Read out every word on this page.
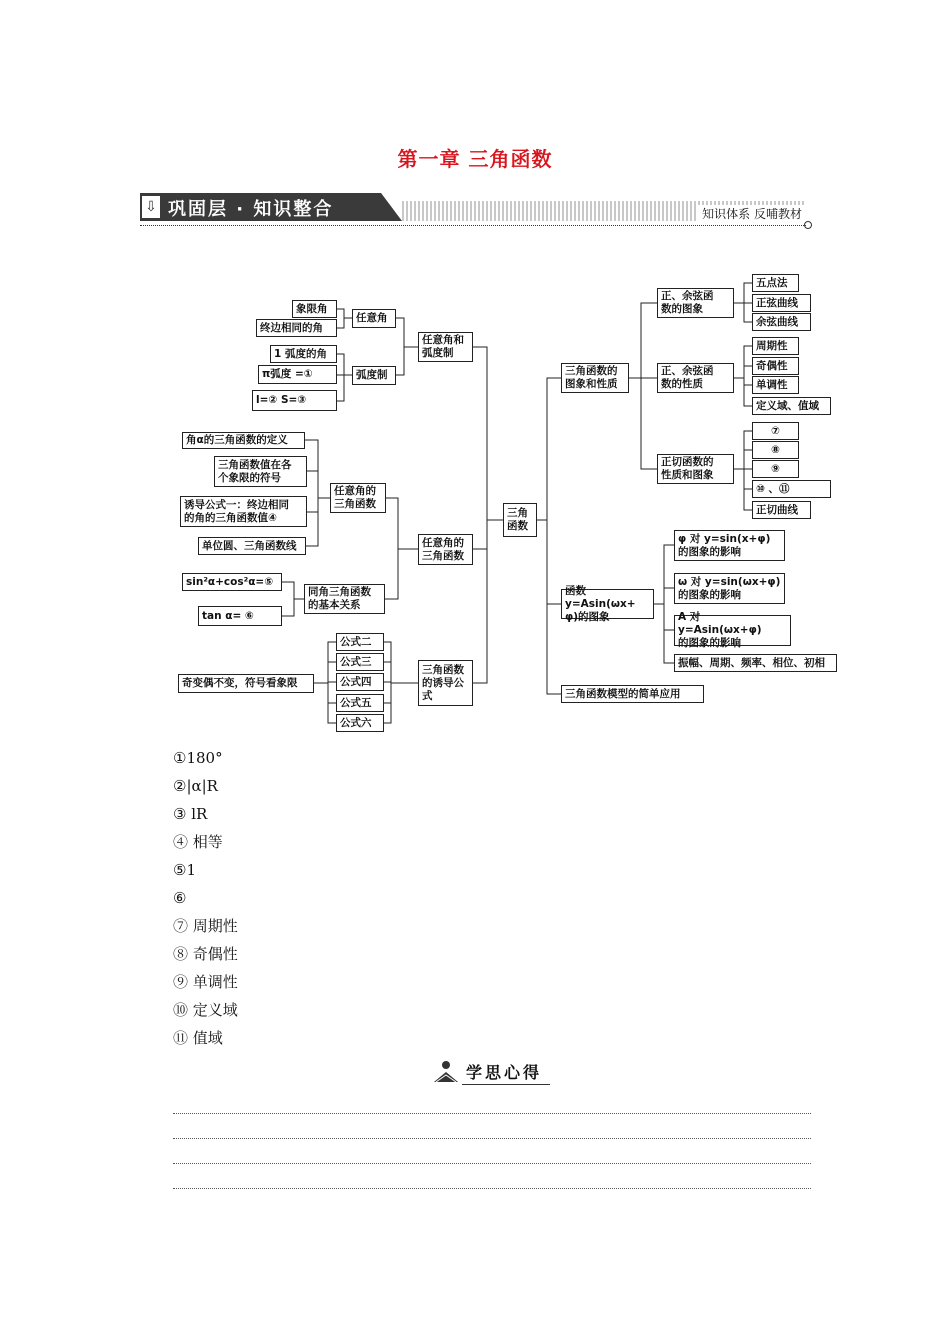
第一章 三角函数
⇩ 巩固层 · 知识整合	知识体系 反哺教材
象限角
终边相同的角
任意角
1 弧度的角
π弧度 =①
l=② S=③
弧度制
任意角和
弧度制
角α的三角函数的定义
三角函数值在各
个象限的符号
诱导公式一：终边相同
的角的三角函数值④
单位圆、三角函数线
任意角的
三角函数
sin²α+cos²α=⑤
tan α= ⑥
同角三角函数
的基本关系
任意角的
三角函数
公式二
公式三
公式四
公式五
公式六
奇变偶不变，符号看象限
三角函数
的诱导公
式
三角
函数
三角函数的
图象和性质
正、余弦函
数的图象
五点法
正弦曲线
余弦曲线
正、余弦函
数的性质
周期性
奇偶性
单调性
定义域、值域
正切函数的
性质和图象
⑦
⑧
⑨
⑩ 、⑪
正切曲线
函数y=Asin(ωx+
φ)的图象
φ 对 y=sin(x+φ)
的图象的影响
ω 对 y=sin(ωx+φ)
的图象的影响
A 对 y=Asin(ωx+φ)
的图象的影响
振幅、周期、频率、相位、初相
三角函数模型的简单应用
①180°
②|α|R
③ lR
④ 相等
⑤1
⑥
⑦ 周期性
⑧ 奇偶性
⑨ 单调性
⑩ 定义域
⑪ 值域
学思心得
